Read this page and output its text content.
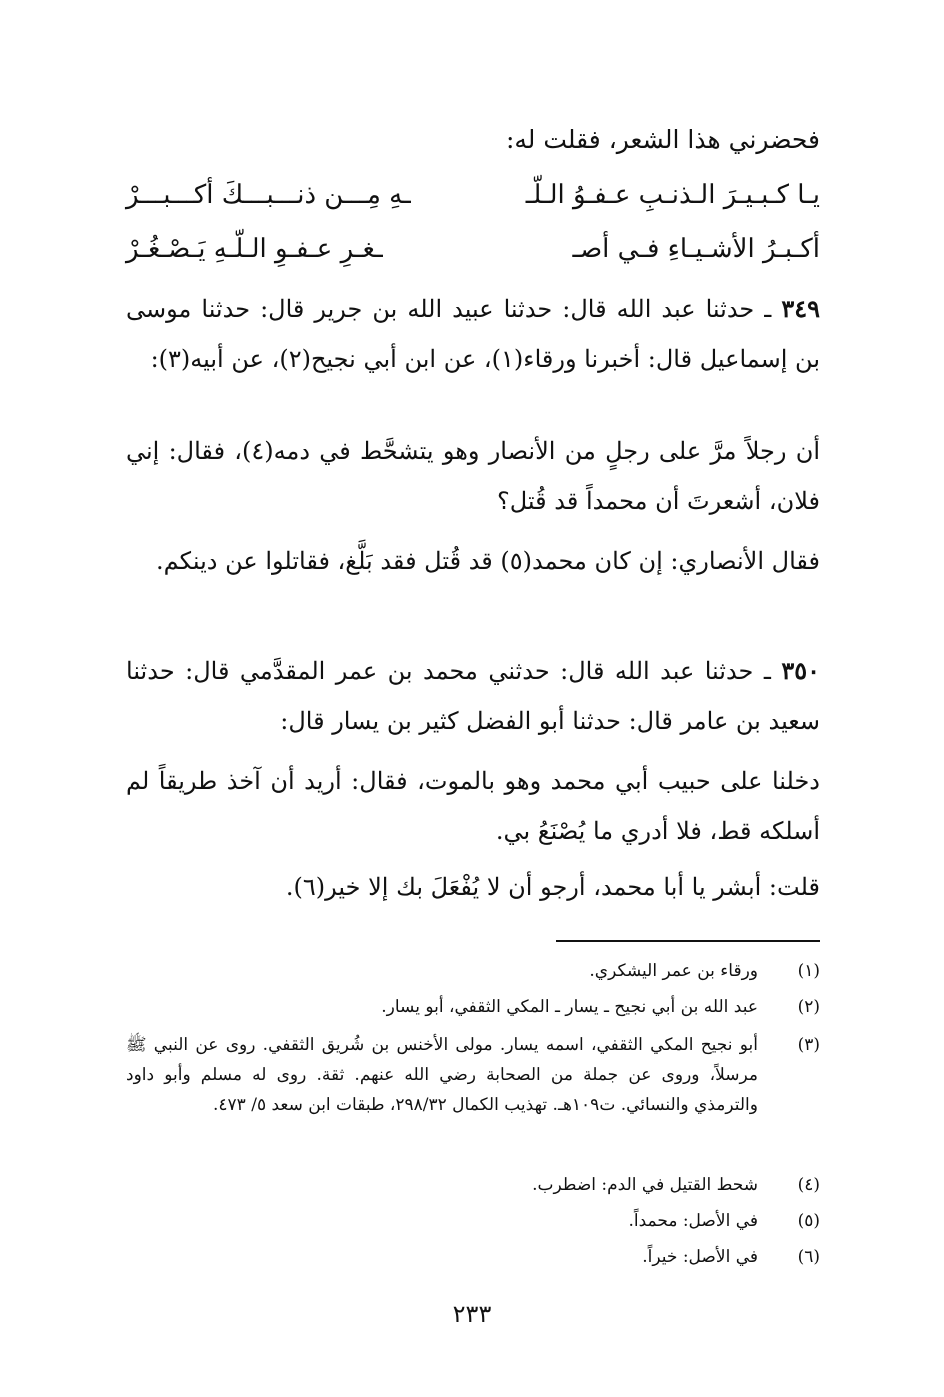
فحضرني هذا الشعر، فقلت له:
يـا كـبـيـرَ الـذنـبِ عـفـوُ الـلّـ
ـهِ مِـــن ذنـــبـــكَ أكـــبـــرْ
أكـبـرُ الأشـيـاءِ فـي أصـ
ـغـرِ عـفـوِ الـلّـهِ يَـصْـغُـرْ
٣٤٩ ـ حدثنا عبد الله قال: حدثنا عبيد الله بن جرير قال: حدثنا موسى بن إسماعيل قال: أخبرنا ورقاء(١)، عن ابن أبي نجيح(٢)، عن أبيه(٣):
أن رجلاً مرَّ على رجلٍ من الأنصار وهو يتشحَّط في دمه(٤)، فقال: إني فلان، أشعرتَ أن محمداً قد قُتل؟
فقال الأنصاري: إن كان محمد(٥) قد قُتل فقد بَلَّغ، فقاتلوا عن دينكم.
٣٥٠ ـ حدثنا عبد الله قال: حدثني محمد بن عمر المقدَّمي قال: حدثنا سعيد بن عامر قال: حدثنا أبو الفضل كثير بن يسار قال:
دخلنا على حبيب أبي محمد وهو بالموت، فقال: أريد أن آخذ طريقاً لم أسلكه قط، فلا أدري ما يُصْنَعُ بي.
قلت: أبشر يا أبا محمد، أرجو أن لا يُفْعَلَ بك إلا خير(٦).
(١)
ورقاء بن عمر اليشكري.
(٢)
عبد الله بن أبي نجيح ـ يسار ـ المكي الثقفي، أبو يسار.
(٣)
أبو نجيح المكي الثقفي، اسمه يسار. مولى الأخنس بن شُريق الثقفي. روى عن النبي ﷺ مرسلاً، وروى عن جملة من الصحابة رضي الله عنهم. ثقة. روى له مسلم وأبو داود والترمذي والنسائي. ت١٠٩هـ. تهذيب الكمال ٢٩٨/٣٢، طبقات ابن سعد ٥/ ٤٧٣.
(٤)
شحط القتيل في الدم: اضطرب.
(٥)
في الأصل: محمداً.
(٦)
في الأصل: خيراً.
٢٣٣
